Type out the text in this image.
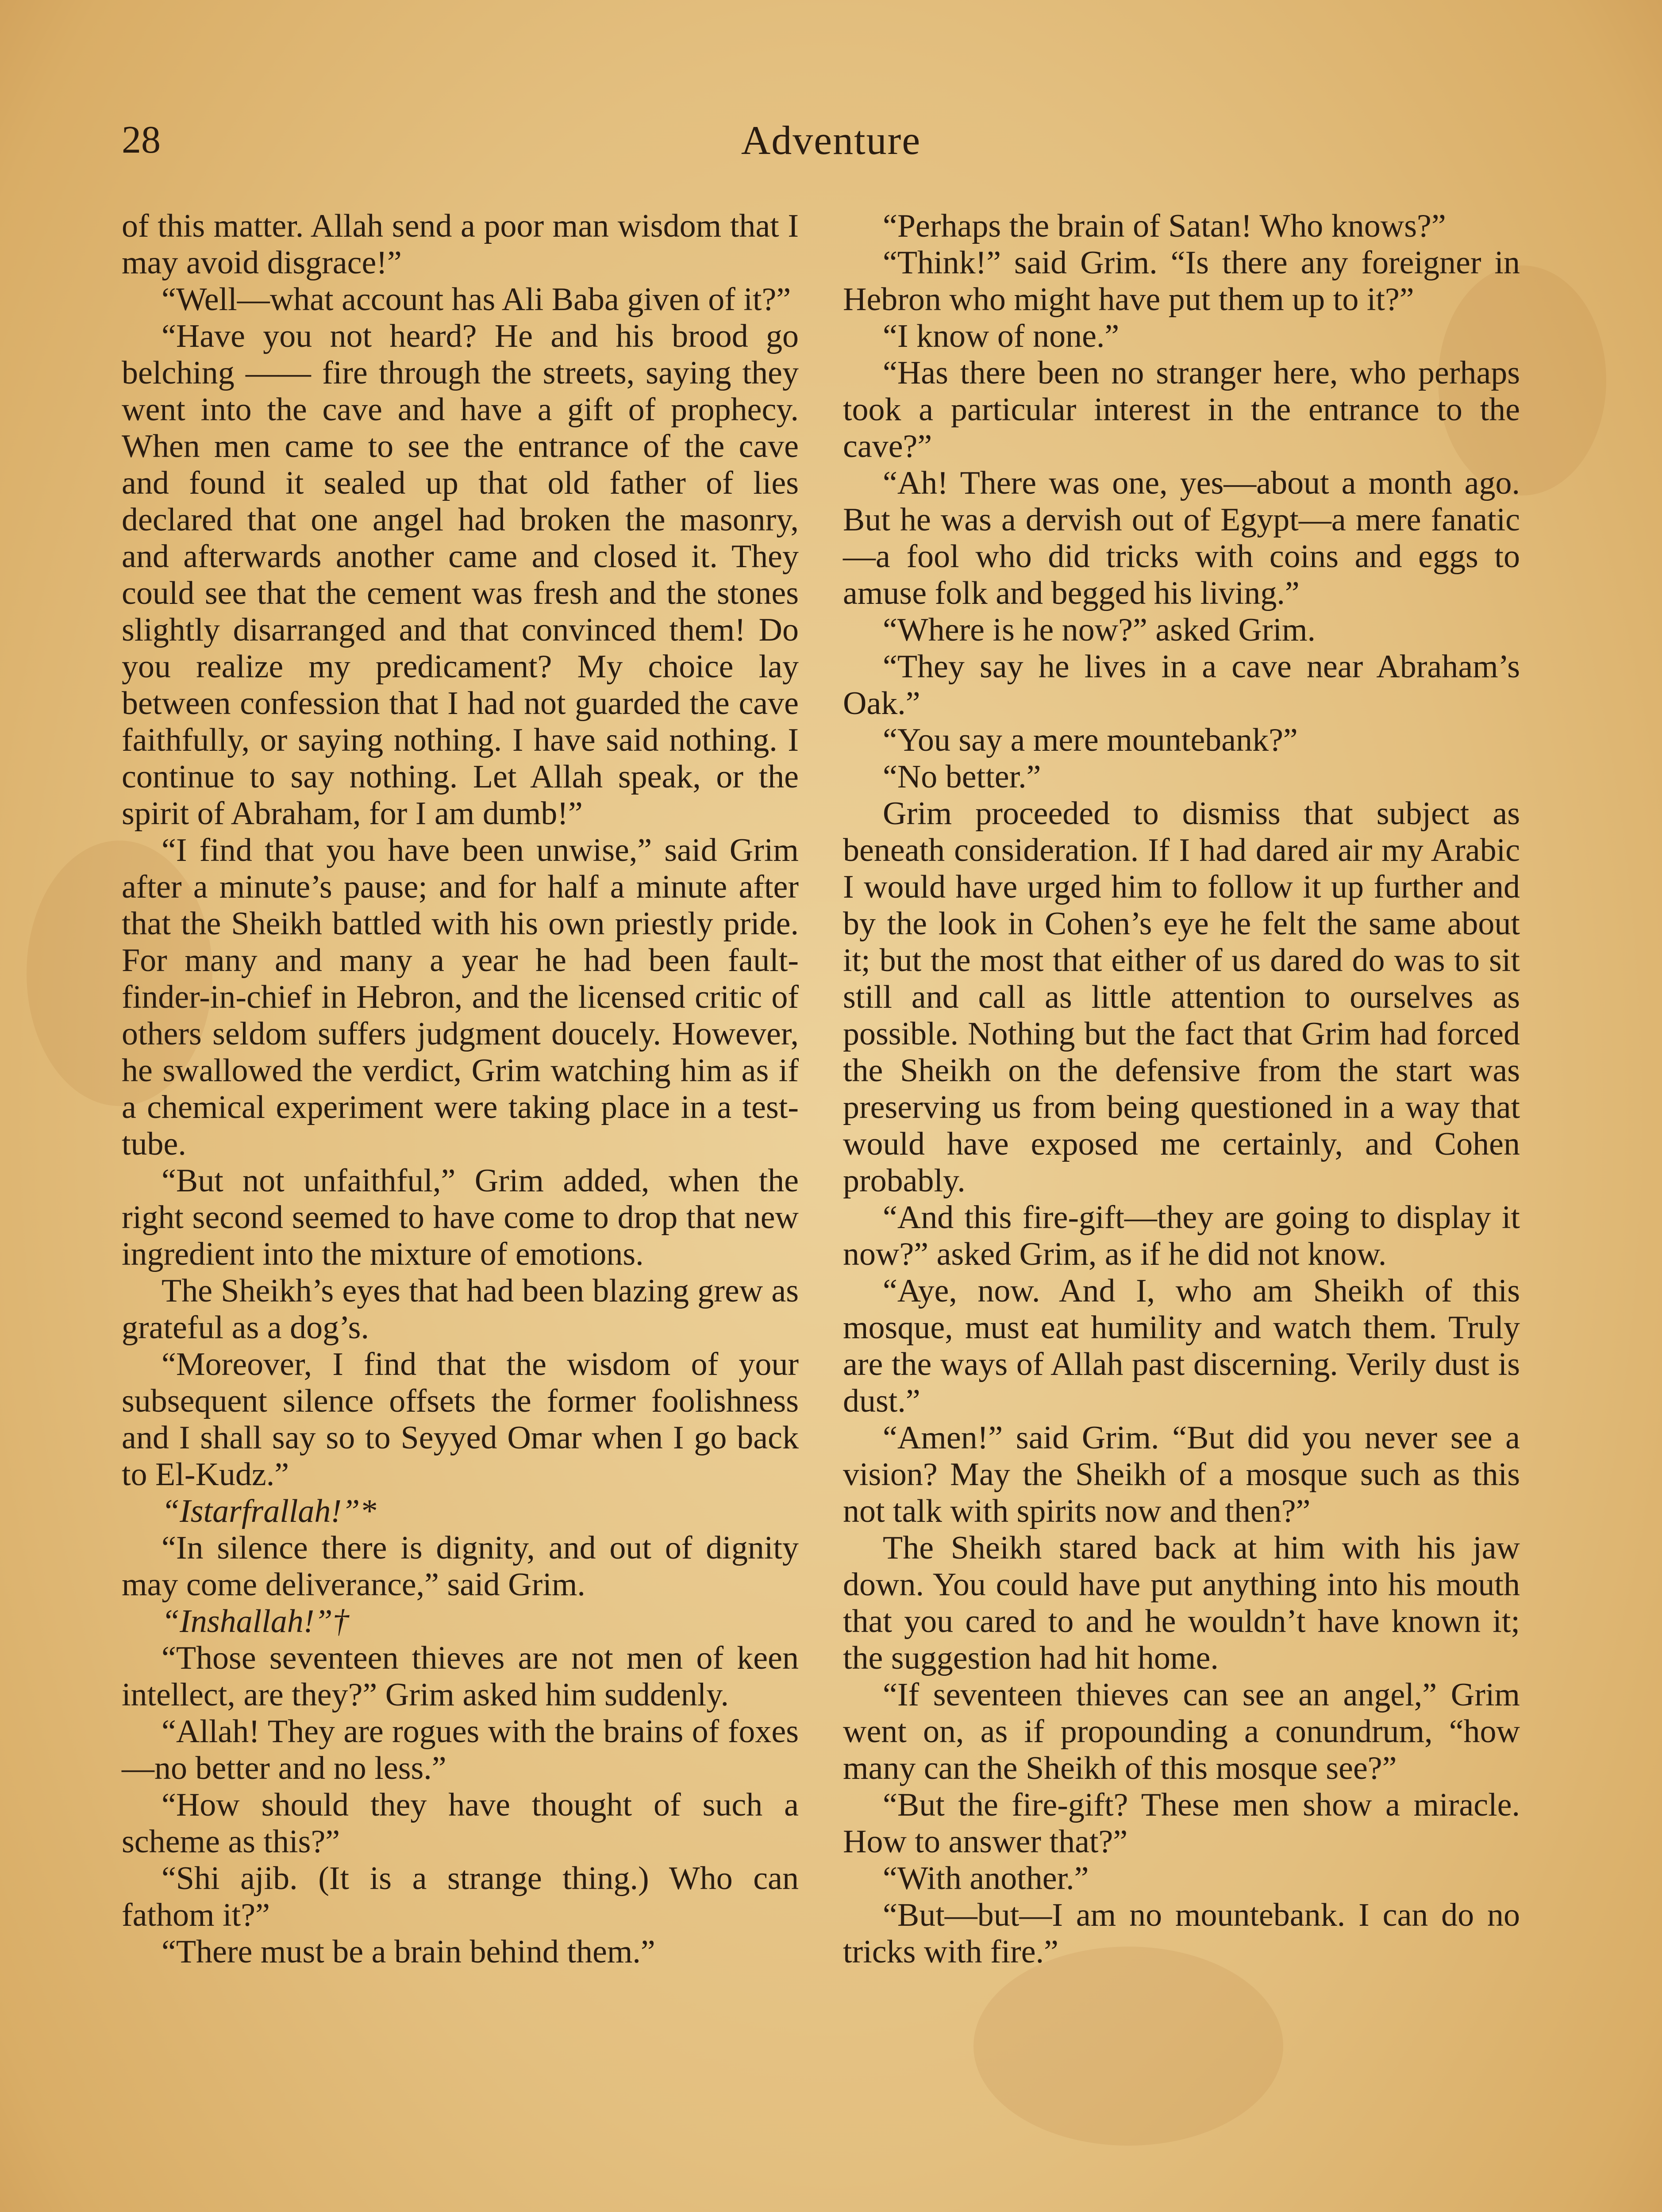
28	Adventure

of this matter. Allah send a poor man wisdom that I may avoid disgrace!”

“Well—what account has Ali Baba given of it?”

“Have you not heard? He and his brood go belching —— fire through the streets, saying they went into the cave and have a gift of prophecy. When men came to see the entrance of the cave and found it sealed up that old father of lies declared that one angel had broken the masonry, and afterwards another came and closed it. They could see that the cement was fresh and the stones slightly disarranged and that convinced them! Do you realize my predicament? My choice lay between confession that I had not guarded the cave faithfully, or saying nothing. I have said nothing. I continue to say nothing. Let Allah speak, or the spirit of Abraham, for I am dumb!”

“I find that you have been unwise,” said Grim after a minute’s pause; and for half a minute after that the Sheikh battled with his own priestly pride. For many and many a year he had been fault-finder-in-chief in Hebron, and the licensed critic of others seldom suffers judgment doucely. However, he swallowed the verdict, Grim watching him as if a chemical experiment were taking place in a test-tube.

“But not unfaithful,” Grim added, when the right second seemed to have come to drop that new ingredient into the mixture of emotions.

The Sheikh’s eyes that had been blazing grew as grateful as a dog’s.

“Moreover, I find that the wisdom of your subsequent silence offsets the former foolishness and I shall say so to Seyyed Omar when I go back to El-Kudz.”

“Istarfrallah!”*

“In silence there is dignity, and out of dignity may come deliverance,” said Grim.

“Inshallah!”†

“Those seventeen thieves are not men of keen intellect, are they?” Grim asked him suddenly.

“Allah! They are rogues with the brains of foxes—no better and no less.”

“How should they have thought of such a scheme as this?”

“Shi ajib. (It is a strange thing.) Who can fathom it?”

“There must be a brain behind them.”

“Perhaps the brain of Satan! Who knows?”

“Think!” said Grim. “Is there any foreigner in Hebron who might have put them up to it?”

“I know of none.”

“Has there been no stranger here, who perhaps took a particular interest in the entrance to the cave?”

“Ah! There was one, yes—about a month ago. But he was a dervish out of Egypt—a mere fanatic—a fool who did tricks with coins and eggs to amuse folk and begged his living.”

“Where is he now?” asked Grim.

“They say he lives in a cave near Abraham’s Oak.”

“You say a mere mountebank?”

“No better.”

Grim proceeded to dismiss that subject as beneath consideration. If I had dared air my Arabic I would have urged him to follow it up further and by the look in Cohen’s eye he felt the same about it; but the most that either of us dared do was to sit still and call as little attention to ourselves as possible. Nothing but the fact that Grim had forced the Sheikh on the defensive from the start was preserving us from being questioned in a way that would have exposed me certainly, and Cohen probably.

“And this fire-gift—they are going to display it now?” asked Grim, as if he did not know.

“Aye, now. And I, who am Sheikh of this mosque, must eat humility and watch them. Truly are the ways of Allah past discerning. Verily dust is dust.”

“Amen!” said Grim. “But did you never see a vision? May the Sheikh of a mosque such as this not talk with spirits now and then?”

The Sheikh stared back at him with his jaw down. You could have put anything into his mouth that you cared to and he wouldn’t have known it; the suggestion had hit home.

“If seventeen thieves can see an angel,” Grim went on, as if propounding a conundrum, “how many can the Sheikh of this mosque see?”

“But the fire-gift? These men show a miracle. How to answer that?”

“With another.”

“But—but—I am no mountebank. I can do no tricks with fire.”
